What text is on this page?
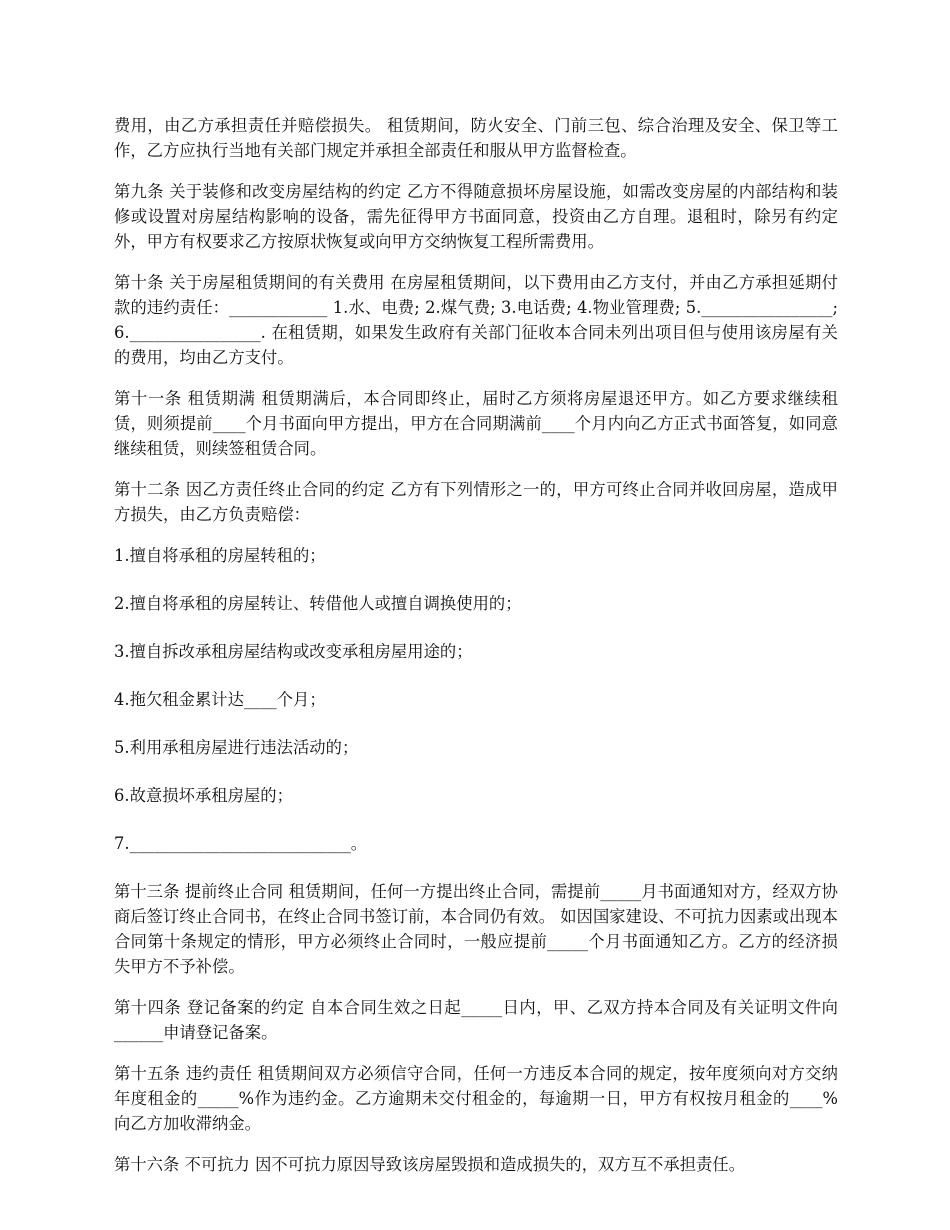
费用，由乙方承担责任并赔偿损失。 租赁期间，防火安全、门前三包、综合治理及安全、保卫等工作，乙方应执行当地有关部门规定并承担全部责任和服从甲方监督检查。

第九条 关于装修和改变房屋结构的约定 乙方不得随意损坏房屋设施，如需改变房屋的内部结构和装修或设置对房屋结构影响的设备，需先征得甲方书面同意，投资由乙方自理。退租时，除另有约定外，甲方有权要求乙方按原状恢复或向甲方交纳恢复工程所需费用。

第十条 关于房屋租赁期间的有关费用 在房屋租赁期间，以下费用由乙方支付，并由乙方承担延期付款的违约责任：____________ 1.水、电费; 2.煤气费; 3.电话费; 4.物业管理费; 5.________________; 6.________________. 在租赁期，如果发生政府有关部门征收本合同未列出项目但与使用该房屋有关的费用，均由乙方支付。

第十一条 租赁期满 租赁期满后，本合同即终止，届时乙方须将房屋退还甲方。如乙方要求继续租赁，则须提前____个月书面向甲方提出，甲方在合同期满前____个月内向乙方正式书面答复，如同意继续租赁，则续签租赁合同。

第十二条 因乙方责任终止合同的约定 乙方有下列情形之一的，甲方可终止合同并收回房屋，造成甲方损失，由乙方负责赔偿：

1.擅自将承租的房屋转租的；

2.擅自将承租的房屋转让、转借他人或擅自调换使用的；

3.擅自拆改承租房屋结构或改变承租房屋用途的；

4.拖欠租金累计达____个月；

5.利用承租房屋进行违法活动的；

6.故意损坏承租房屋的；

7.___________________________。

第十三条 提前终止合同 租赁期间，任何一方提出终止合同，需提前_____月书面通知对方，经双方协商后签订终止合同书，在终止合同书签订前，本合同仍有效。 如因国家建设、不可抗力因素或出现本合同第十条规定的情形，甲方必须终止合同时，一般应提前_____个月书面通知乙方。乙方的经济损失甲方不予补偿。

第十四条 登记备案的约定 自本合同生效之日起_____日内，甲、乙双方持本合同及有关证明文件向______申请登记备案。

第十五条 违约责任 租赁期间双方必须信守合同，任何一方违反本合同的规定，按年度须向对方交纳年度租金的_____%作为违约金。乙方逾期未交付租金的，每逾期一日，甲方有权按月租金的____%向乙方加收滞纳金。

第十六条 不可抗力 因不可抗力原因导致该房屋毁损和造成损失的，双方互不承担责任。
